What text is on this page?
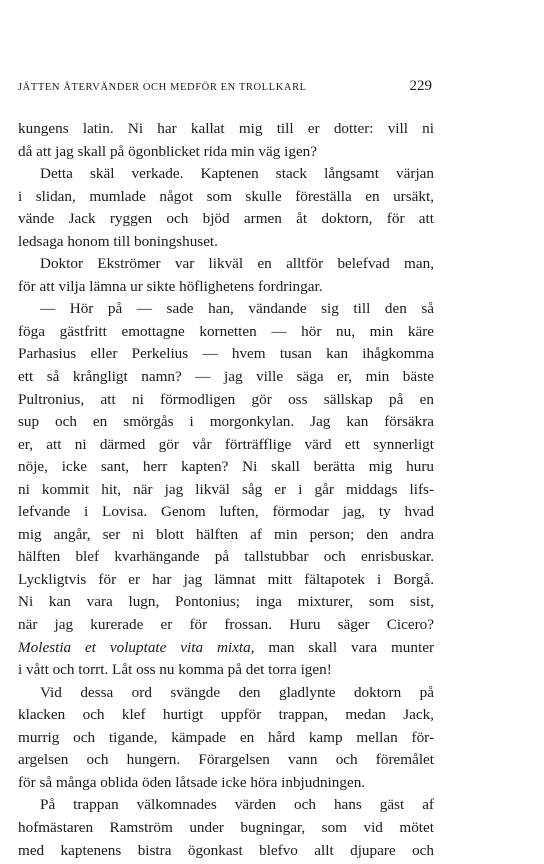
JÄTTEN ÅTERVÄNDER OCH MEDFÖR EN TROLLKARL	229
kungens latin. Ni har kallat mig till er dotter: vill ni
då att jag skall på ögonblicket rida min väg igen?
Detta skäl verkade. Kaptenen stack långsamt värjan
i slidan, mumlade något som skulle föreställa en ursäkt,
vände Jack ryggen och bjöd armen åt doktorn, för att
ledsaga honom till boningshuset.
Doktor Ekströmer var likväl en alltför belefvad man,
för att vilja lämna ur sikte höflighetens fordringar.
— Hör på — sade han, vändande sig till den så
föga gästfritt emottagne kornetten — hör nu, min käre
Parhasius eller Perkelius — hvem tusan kan ihågkomma
ett så krångligt namn? — jag ville säga er, min bäste
Pultronius, att ni förmodligen gör oss sällskap på en
sup och en smörgås i morgonkylan. Jag kan försäkra
er, att ni därmed gör vår förträfflige värd ett synnerligt
nöje, icke sant, herr kapten? Ni skall berätta mig huru
ni kommit hit, när jag likväl såg er i går middags lifs-
lefvande i Lovisa. Genom luften, förmodar jag, ty hvad
mig angår, ser ni blott hälften af min person; den andra
hälften blef kvarhängande på tallstubbar och enrisbuskar.
Lyckligtvis för er har jag lämnat mitt fältapotek i Borgå.
Ni kan vara lugn, Pontonius; inga mixturer, som sist,
när jag kurerade er för frossan. Huru säger Cicero?
Molestia et voluptate vita mixta, man skall vara munter
i vått och torrt. Låt oss nu komma på det torra igen!
Vid dessa ord svängde den gladlynte doktorn på
klacken och klef hurtigt uppför trappan, medan Jack,
murrig och tigande, kämpade en hård kamp mellan för-
argelsen och hungern. Förargelsen vann och föremålet
för så många oblida öden låtsade icke höra inbjudningen.
På trappan välkomnades värden och hans gäst af
hofmästaren Ramström under bugningar, som vid mötet
med kaptenens bistra ögonkast blefvo allt djupare och
